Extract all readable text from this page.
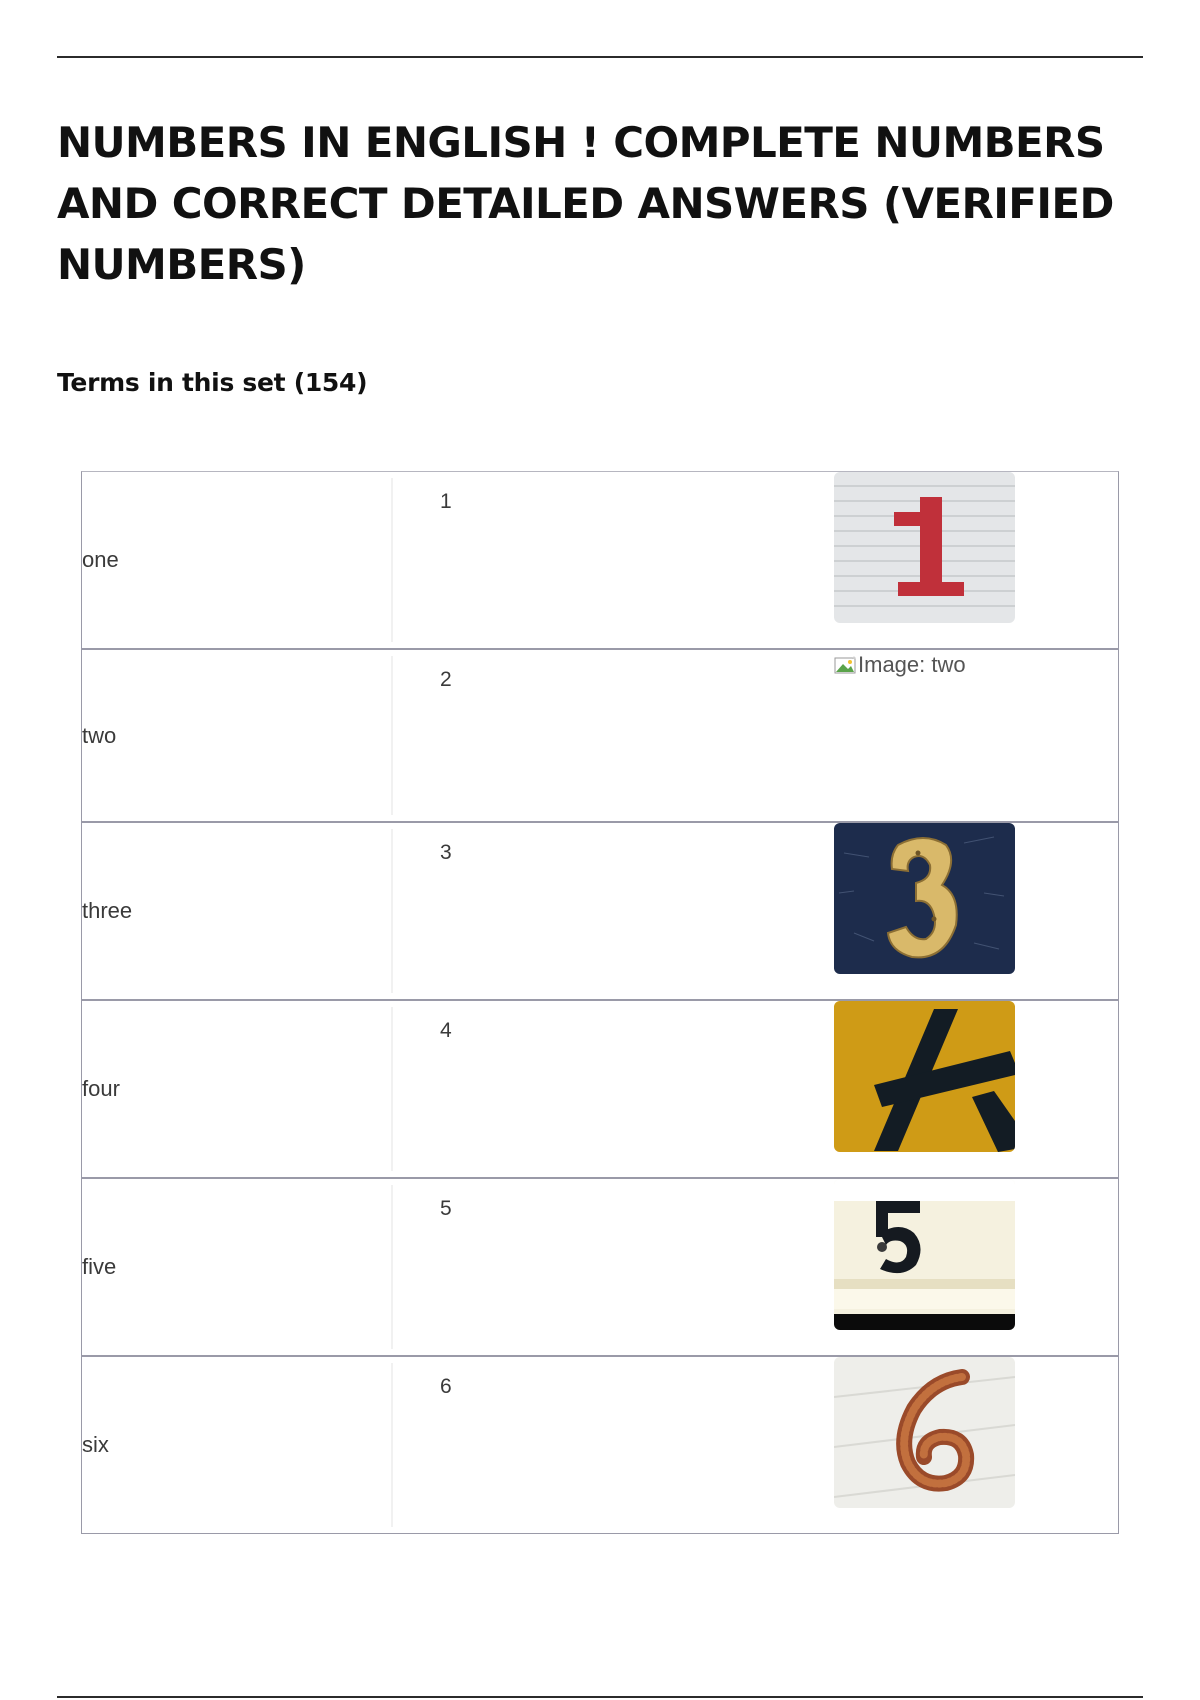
NUMBERS IN ENGLISH ! COMPLETE NUMBERS AND CORRECT DETAILED ANSWERS (VERIFIED NUMBERS)
Terms in this set (154)
one
1
two
2
Image: two
three
3
four
4
five
5
six
6
